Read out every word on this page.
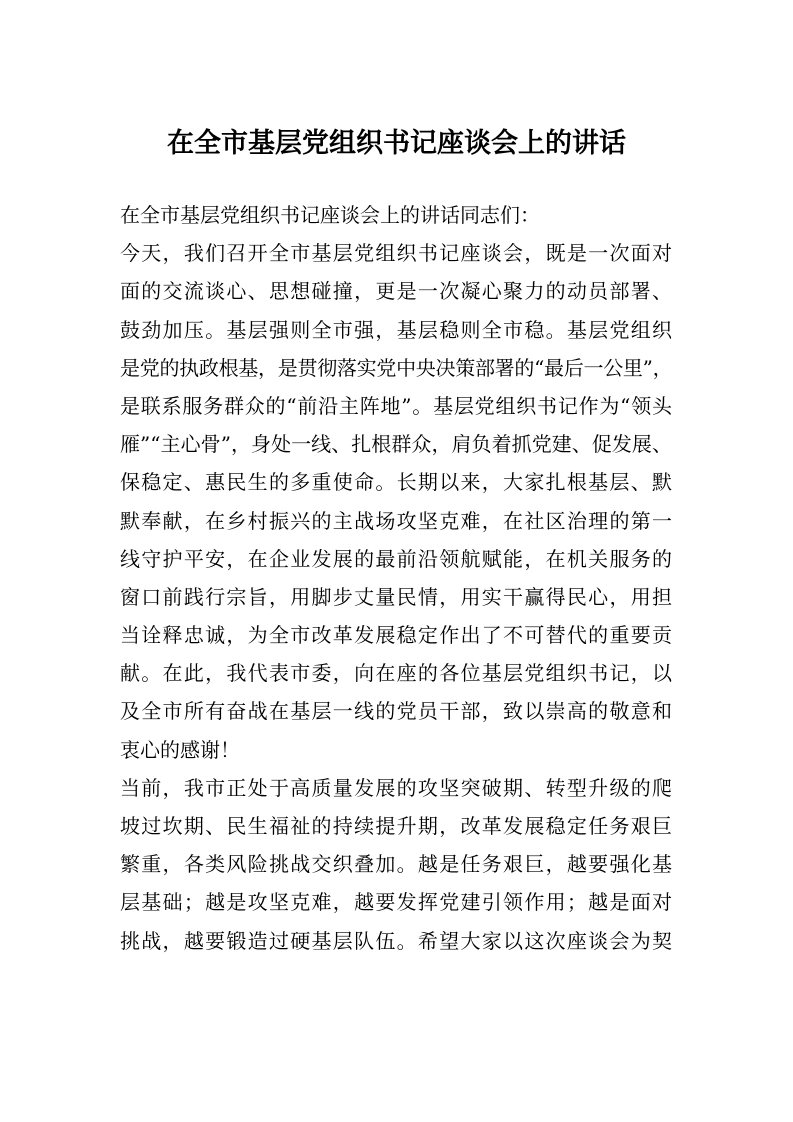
在全市基层党组织书记座谈会上的讲话
在全市基层党组织书记座谈会上的讲话同志们：
今天，我们召开全市基层党组织书记座谈会，既是一次面对
面的交流谈心、思想碰撞，更是一次凝心聚力的动员部署、
鼓劲加压。基层强则全市强，基层稳则全市稳。基层党组织
是党的执政根基，是贯彻落实党中央决策部署的“最后一公里”，
是联系服务群众的“前沿主阵地”。基层党组织书记作为“领头
雁”“主心骨”，身处一线、扎根群众，肩负着抓党建、促发展、
保稳定、惠民生的多重使命。长期以来，大家扎根基层、默
默奉献，在乡村振兴的主战场攻坚克难，在社区治理的第一
线守护平安，在企业发展的最前沿领航赋能，在机关服务的
窗口前践行宗旨，用脚步丈量民情，用实干赢得民心，用担
当诠释忠诚，为全市改革发展稳定作出了不可替代的重要贡
献。在此，我代表市委，向在座的各位基层党组织书记，以
及全市所有奋战在基层一线的党员干部，致以崇高的敬意和
衷心的感谢！
当前，我市正处于高质量发展的攻坚突破期、转型升级的爬
坡过坎期、民生福祉的持续提升期，改革发展稳定任务艰巨
繁重，各类风险挑战交织叠加。越是任务艰巨，越要强化基
层基础；越是攻坚克难，越要发挥党建引领作用；越是面对
挑战，越要锻造过硬基层队伍。希望大家以这次座谈会为契
